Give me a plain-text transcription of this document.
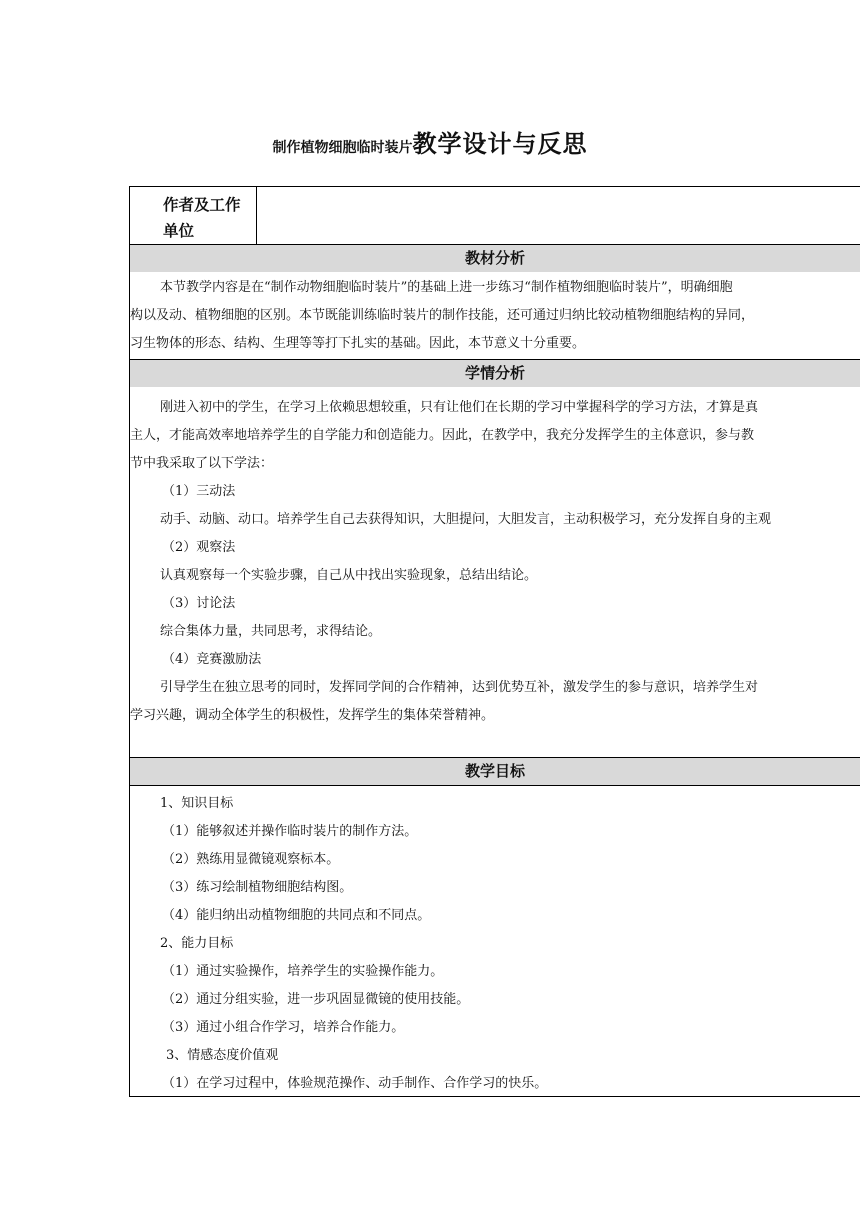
制作植物细胞临时装片教学设计与反思
作者及工作单位
教材分析
本节教学内容是在“制作动物细胞临时装片”的基础上进一步练习“制作植物细胞临时装片”，明确细胞
构以及动、植物细胞的区别。本节既能训练临时装片的制作技能，还可通过归纳比较动植物细胞结构的异同，
习生物体的形态、结构、生理等等打下扎实的基础。因此，本节意义十分重要。
学情分析
刚进入初中的学生，在学习上依赖思想较重，只有让他们在长期的学习中掌握科学的学习方法，才算是真
主人，才能高效率地培养学生的自学能力和创造能力。因此，在教学中，我充分发挥学生的主体意识，参与教
节中我采取了以下学法：
（1）三动法
动手、动脑、动口。培养学生自己去获得知识，大胆提问，大胆发言，主动积极学习，充分发挥自身的主观
（2）观察法
认真观察每一个实验步骤，自己从中找出实验现象，总结出结论。
（3）讨论法
综合集体力量，共同思考，求得结论。
（4）竞赛激励法
引导学生在独立思考的同时，发挥同学间的合作精神，达到优势互补，激发学生的参与意识，培养学生对
学习兴趣，调动全体学生的积极性，发挥学生的集体荣誉精神。
教学目标
1、知识目标
（1）能够叙述并操作临时装片的制作方法。
（2）熟练用显微镜观察标本。
（3）练习绘制植物细胞结构图。
（4）能归纳出动植物细胞的共同点和不同点。
2、能力目标
（1）通过实验操作，培养学生的实验操作能力。
（2）通过分组实验，进一步巩固显微镜的使用技能。
（3）通过小组合作学习，培养合作能力。
3、情感态度价值观
（1）在学习过程中，体验规范操作、动手制作、合作学习的快乐。
